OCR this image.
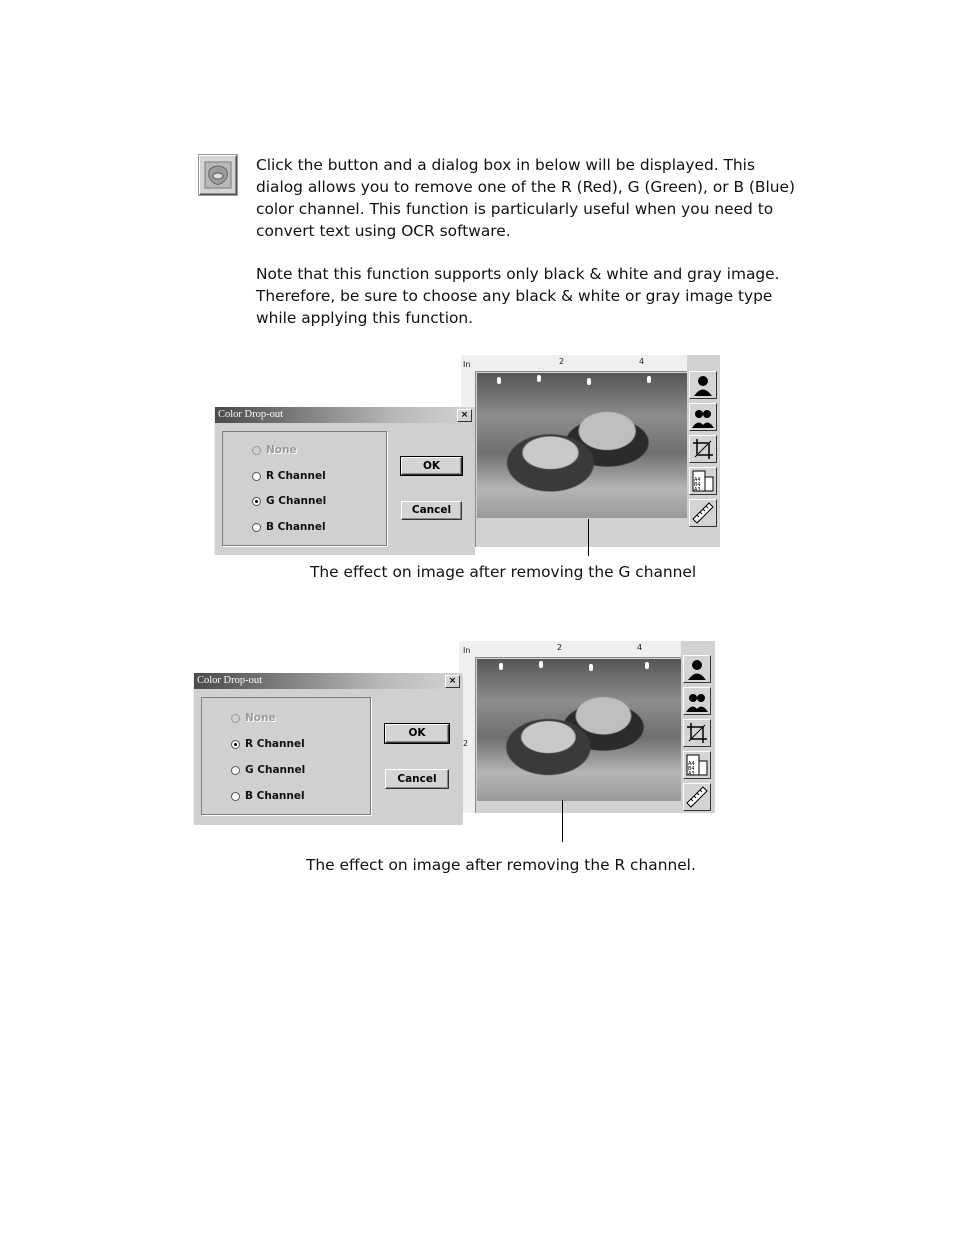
Click the button and a dialog box in below will be displayed. This dialog allows you to remove one of the R (Red), G (Green), or B (Blue) color channel. This function is particularly useful when you need to convert text using OCR software.

Note that this function supports only black & white and gray image. Therefore, be sure to choose any black & white or gray image type while applying this function.

In	2	4
A4
B4
A3
Color Drop-out	×
None
R Channel
G Channel
B Channel
OK
Cancel
The effect on image after removing the G channel
In	2	4
2
A4
B4
A3
Color Drop-out	×
None
R Channel
G Channel
B Channel
OK
Cancel
The effect on image after removing the R channel.
